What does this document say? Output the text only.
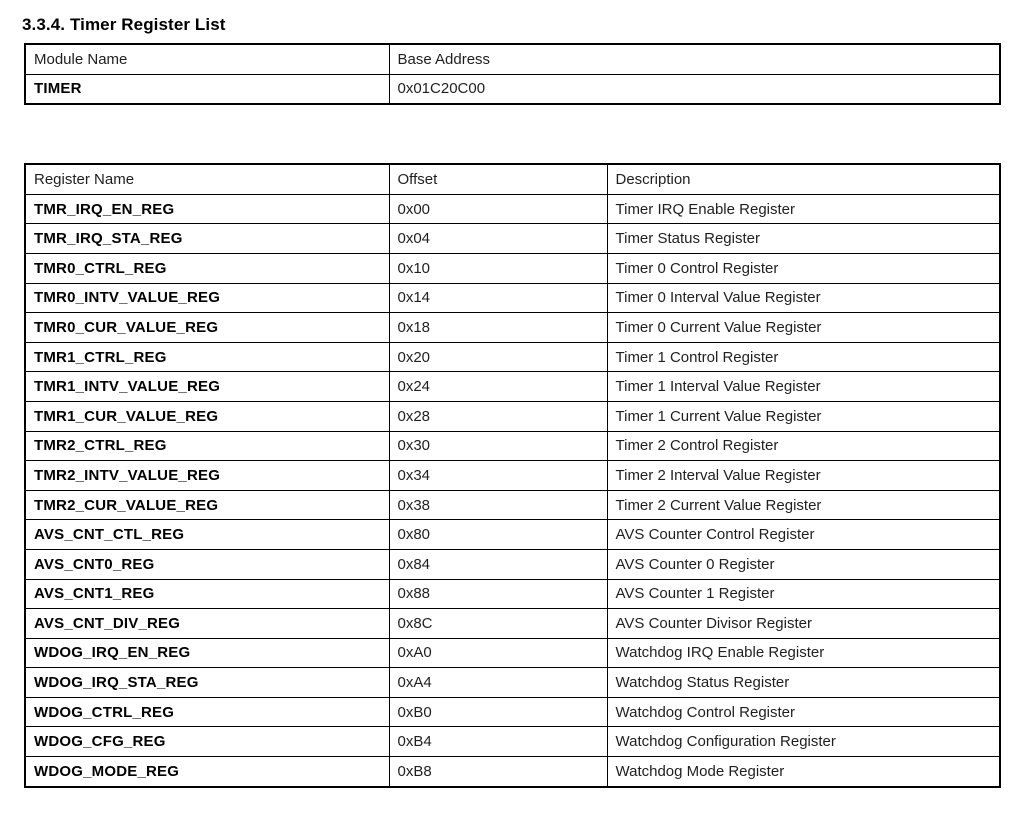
3.3.4. Timer Register List
Module Name	Base Address
TIMER	0x01C20C00
Register Name	Offset	Description
TMR_IRQ_EN_REG	0x00	Timer IRQ Enable Register
TMR_IRQ_STA_REG	0x04	Timer Status Register
TMR0_CTRL_REG	0x10	Timer 0 Control Register
TMR0_INTV_VALUE_REG	0x14	Timer 0 Interval Value Register
TMR0_CUR_VALUE_REG	0x18	Timer 0 Current Value Register
TMR1_CTRL_REG	0x20	Timer 1 Control Register
TMR1_INTV_VALUE_REG	0x24	Timer 1 Interval Value Register
TMR1_CUR_VALUE_REG	0x28	Timer 1 Current Value Register
TMR2_CTRL_REG	0x30	Timer 2 Control Register
TMR2_INTV_VALUE_REG	0x34	Timer 2 Interval Value Register
TMR2_CUR_VALUE_REG	0x38	Timer 2 Current Value Register
AVS_CNT_CTL_REG	0x80	AVS Counter Control Register
AVS_CNT0_REG	0x84	AVS Counter 0 Register
AVS_CNT1_REG	0x88	AVS Counter 1 Register
AVS_CNT_DIV_REG	0x8C	AVS Counter Divisor Register
WDOG_IRQ_EN_REG	0xA0	Watchdog IRQ Enable Register
WDOG_IRQ_STA_REG	0xA4	Watchdog Status Register
WDOG_CTRL_REG	0xB0	Watchdog Control Register
WDOG_CFG_REG	0xB4	Watchdog Configuration Register
WDOG_MODE_REG	0xB8	Watchdog Mode Register
